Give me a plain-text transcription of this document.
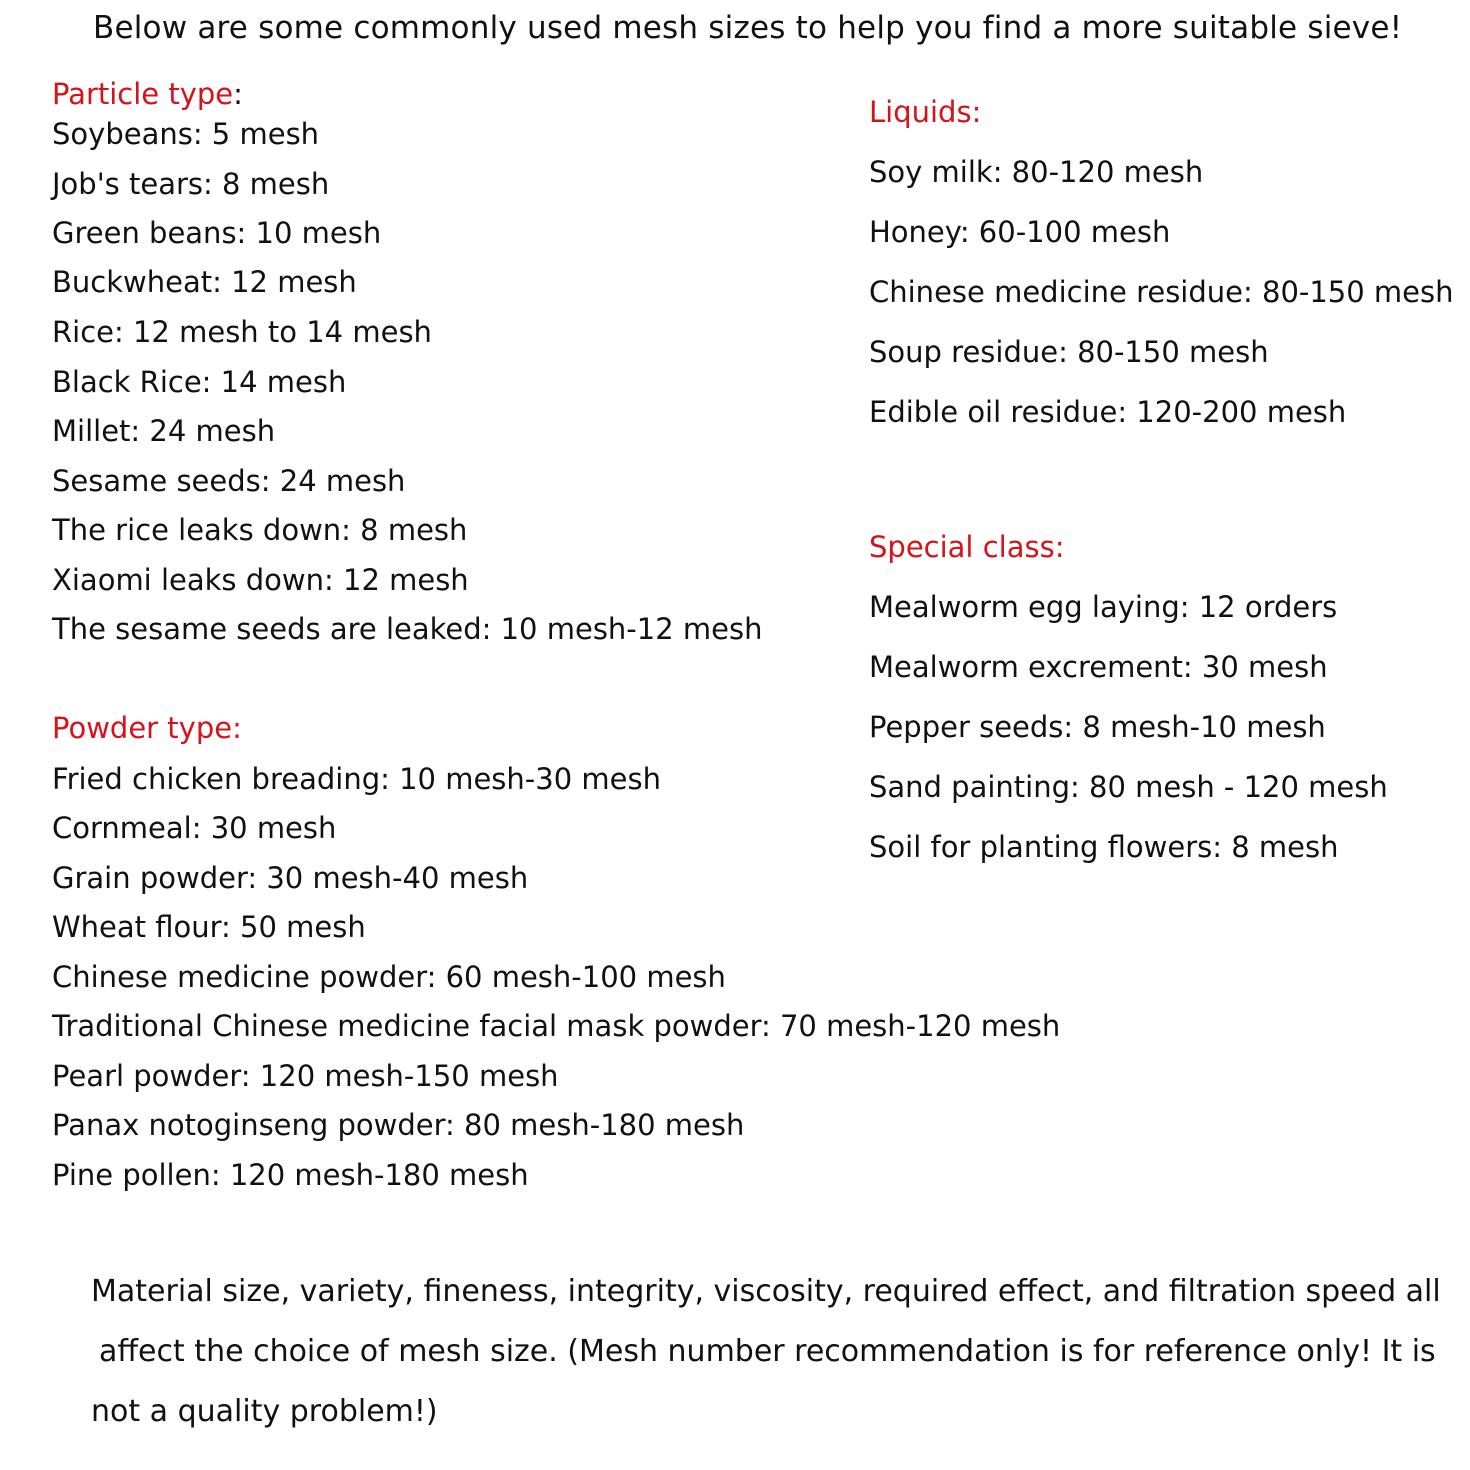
Below are some commonly used mesh sizes to help you find a more suitable sieve!
Particle type:
Soybeans: 5 mesh
Job's tears: 8 mesh
Green beans: 10 mesh
Buckwheat: 12 mesh
Rice: 12 mesh to 14 mesh
Black Rice: 14 mesh
Millet: 24 mesh
Sesame seeds: 24 mesh
The rice leaks down: 8 mesh
Xiaomi leaks down: 12 mesh
The sesame seeds are leaked: 10 mesh-12 mesh
Powder type:
Fried chicken breading: 10 mesh-30 mesh
Cornmeal: 30 mesh
Grain powder: 30 mesh-40 mesh
Wheat flour: 50 mesh
Chinese medicine powder: 60 mesh-100 mesh
Traditional Chinese medicine facial mask powder: 70 mesh-120 mesh
Pearl powder: 120 mesh-150 mesh
Panax notoginseng powder: 80 mesh-180 mesh
Pine pollen: 120 mesh-180 mesh
Liquids:
Soy milk: 80-120 mesh
Honey: 60-100 mesh
Chinese medicine residue: 80-150 mesh
Soup residue: 80-150 mesh
Edible oil residue: 120-200 mesh
Special class:
Mealworm egg laying: 12 orders
Mealworm excrement: 30 mesh
Pepper seeds: 8 mesh-10 mesh
Sand painting: 80 mesh - 120 mesh
Soil for planting flowers: 8 mesh
Material size, variety, fineness, integrity, viscosity, required effect, and filtration speed all
affect the choice of mesh size. (Mesh number recommendation is for reference only! It is
not a quality problem!)
